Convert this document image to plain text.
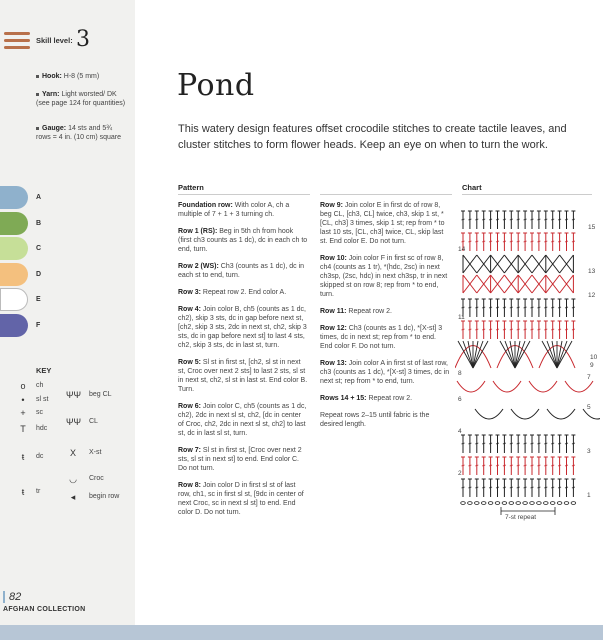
Skill level: 3
Hook: H-8 (5 mm)
Yarn: Light worsted/ DK (see page 124 for quantities)
Gauge: 14 sts and 5¾ rows = 4 in. (10 cm) square
A
B
C
D
E
F
KEY
o	ch
•	sl st
+	sc
T	hdc
ŧ	dc
ŧ	tr
ΨΨ beg CL
ΨΨ CL
X	X-st
◡	Croc
◂	begin row
82
AFGHAN COLLECTION
Pond
This watery design features offset crocodile stitches to create tactile leaves, and cluster stitches to form flower heads. Keep an eye on when to turn the work.
Pattern	Chart
Foundation row: With color A, ch a multiple of 7 + 1 + 3 turning ch.
Row 1 (RS): Beg in 5th ch from hook (first ch3 counts as 1 dc), dc in each ch to end, turn.
Row 2 (WS): Ch3 (counts as 1 dc), dc in each st to end, turn.
Row 3: Repeat row 2. End color A.
Row 4: Join color B, ch5 (counts as 1 dc, ch2), skip 3 sts, dc in gap before next st, [ch2, skip 3 sts, 2dc in next st, ch2, skip 3 sts, dc in gap before next st] to last 4 sts, ch2, skip 3 sts, dc in last st, turn.
Row 5: Sl st in first st, [ch2, sl st in next st, Croc over next 2 sts] to last 2 sts, sl st in next st, ch2, sl st in last st. End color B. Turn.
Row 6: Join color C, ch5 (counts as 1 dc, ch2), 2dc in next sl st, ch2, [dc in center of Croc, ch2, 2dc in next sl st, ch2] to last st, dc in last sl st, turn.
Row 7: Sl st in first st, [Croc over next 2 sts, sl st in next st] to end. End color C. Do not turn.
Row 8: Join color D in first sl st of last row, ch1, sc in first sl st, [9dc in center of next Croc, sc in next sl st] to end. End color D. Do not turn.
Row 9: Join color E in first dc of row 8, beg CL, [ch3, CL] twice, ch3, skip 1 st, *[CL, ch3] 3 times, skip 1 st; rep from * to last 10 sts, [CL, ch3] twice, CL, skip last st. End color E. Do not turn.
Row 10: Join color F in first sc of row 8, ch4 (counts as 1 tr), *(hdc, 2sc) in next ch3sp, (2sc, hdc) in next ch3sp, tr in next skipped st on row 8; rep from * to end, turn.
Row 11: Repeat row 2.
Row 12: Ch3 (counts as 1 dc), *[X-st] 3 times, dc in next st; rep from * to end. End color F. Do not turn.
Row 13: Join color A in first st of last row, ch3 (counts as 1 dc), *[X-st] 3 times, dc in next st; rep from * to end, turn.
Rows 14 + 15: Repeat row 2.
Repeat rows 2–15 until fabric is the desired length.
15
14
13
12
11
10
9
8
7
6
5
4
3
2
1
7-st repeat
